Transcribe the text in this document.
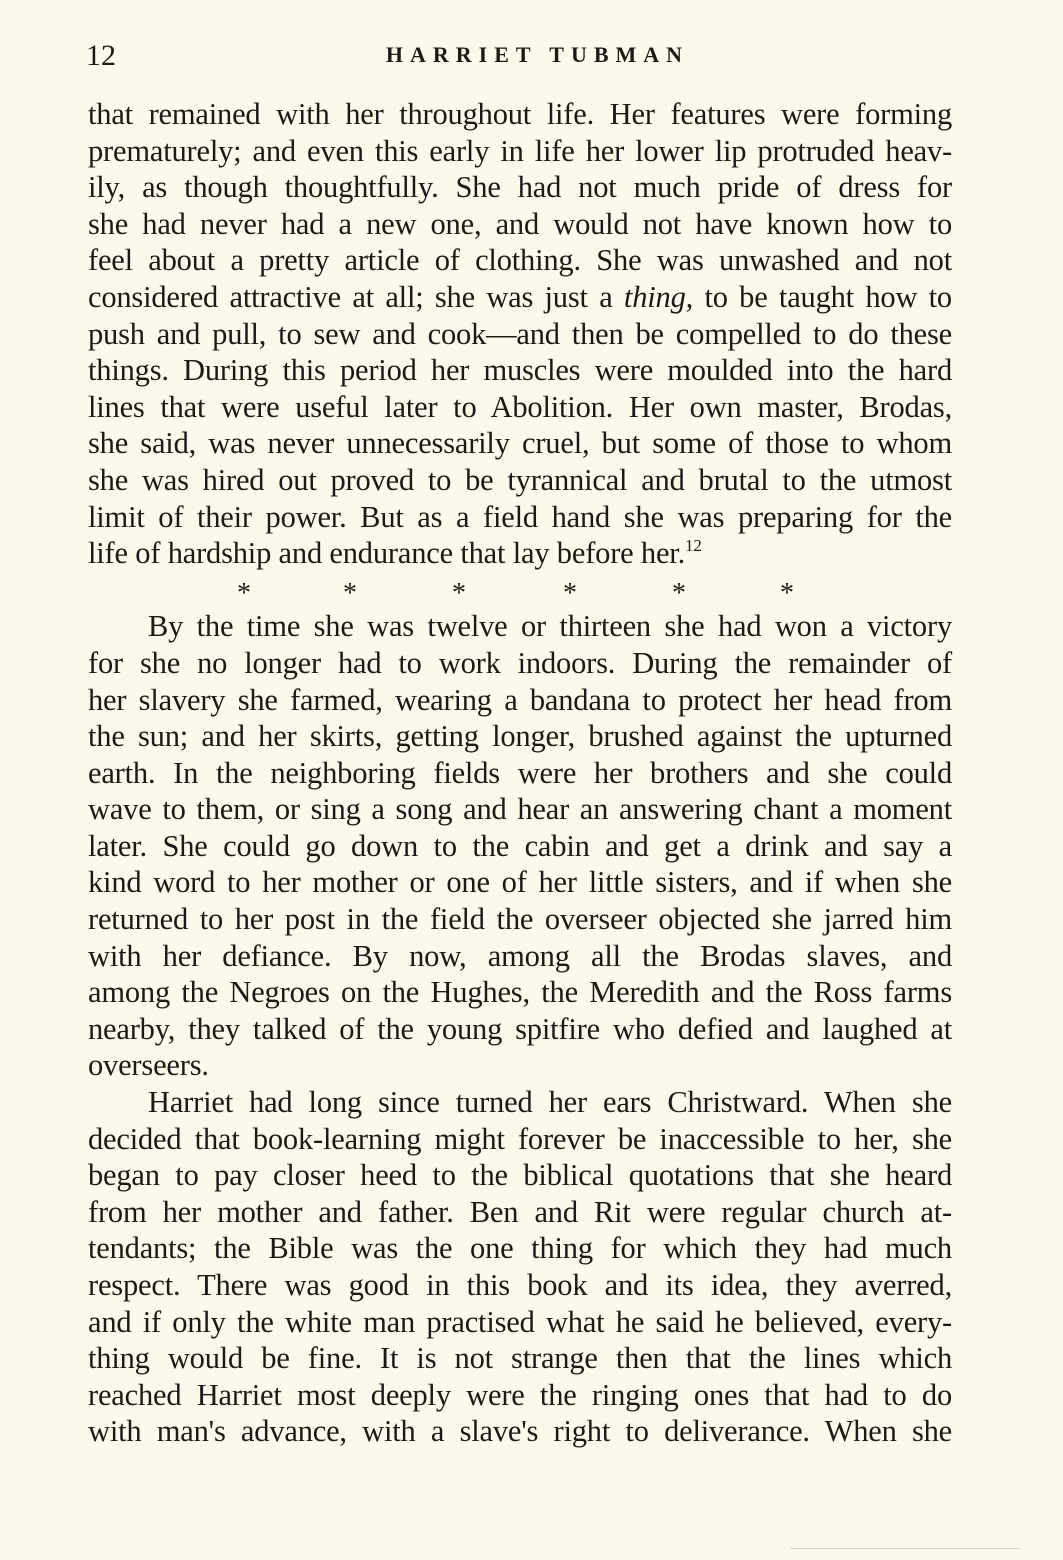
12	HARRIET TUBMAN
that remained with her throughout life. Her features were forming
prematurely; and even this early in life her lower lip protruded heav-
ily, as though thoughtfully. She had not much pride of dress for
she had never had a new one, and would not have known how to
feel about a pretty article of clothing. She was unwashed and not
considered attractive at all; she was just a thing, to be taught how to
push and pull, to sew and cook—and then be compelled to do these
things. During this period her muscles were moulded into the hard
lines that were useful later to Abolition. Her own master, Brodas,
she said, was never unnecessarily cruel, but some of those to whom
she was hired out proved to be tyrannical and brutal to the utmost
limit of their power. But as a field hand she was preparing for the
life of hardship and endurance that lay before her.$^{12}$
*	*	*	*	*	*
By the time she was twelve or thirteen she had won a victory
for she no longer had to work indoors. During the remainder of
her slavery she farmed, wearing a bandana to protect her head from
the sun; and her skirts, getting longer, brushed against the upturned
earth. In the neighboring fields were her brothers and she could
wave to them, or sing a song and hear an answering chant a moment
later. She could go down to the cabin and get a drink and say a
kind word to her mother or one of her little sisters, and if when she
returned to her post in the field the overseer objected she jarred him
with her defiance. By now, among all the Brodas slaves, and
among the Negroes on the Hughes, the Meredith and the Ross farms
nearby, they talked of the young spitfire who defied and laughed at
overseers.
Harriet had long since turned her ears Christward. When she
decided that book-learning might forever be inaccessible to her, she
began to pay closer heed to the biblical quotations that she heard
from her mother and father. Ben and Rit were regular church at-
tendants; the Bible was the one thing for which they had much
respect. There was good in this book and its idea, they averred,
and if only the white man practised what he said he believed, every-
thing would be fine. It is not strange then that the lines which
reached Harriet most deeply were the ringing ones that had to do
with man's advance, with a slave's right to deliverance. When she
